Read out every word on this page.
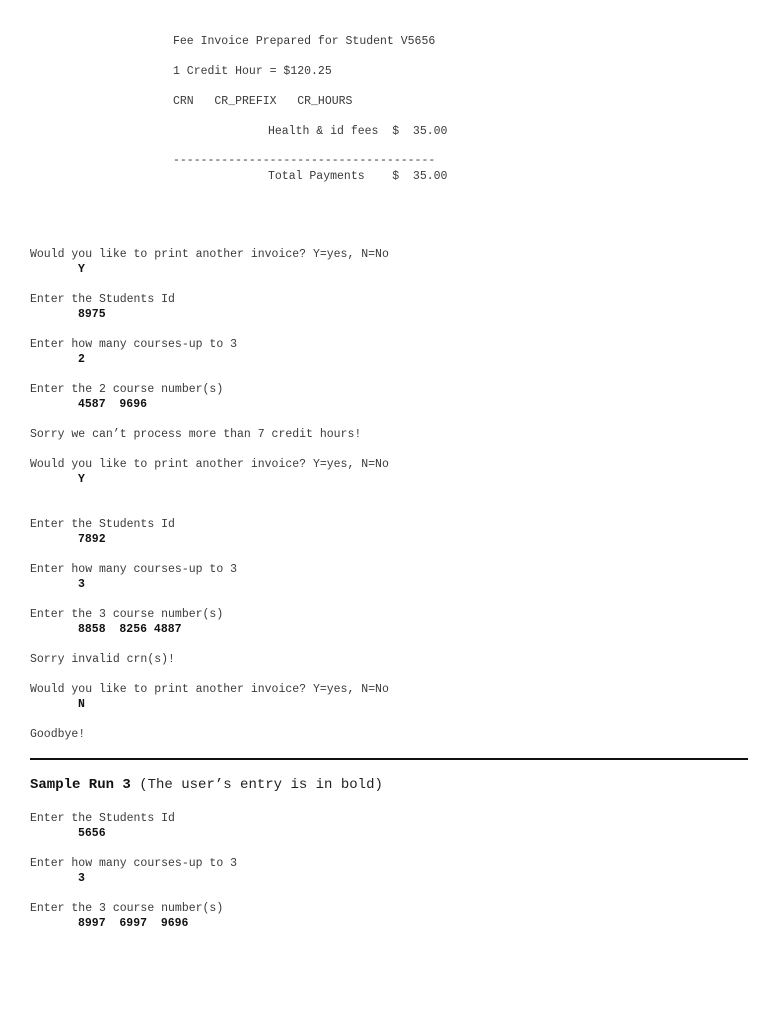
Fee Invoice Prepared for Student V5656
1 Credit Hour = $120.25
CRN   CR_PREFIX   CR_HOURS
Health & id fees  $  35.00
--------------------------------------
Total Payments    $  35.00
Would you like to print another invoice? Y=yes, N=No
Y
Enter the Students Id
8975
Enter how many courses-up to 3
2
Enter the 2 course number(s)
4587  9696
Sorry we can’t process more than 7 credit hours!
Would you like to print another invoice? Y=yes, N=No
Y
Enter the Students Id
7892
Enter how many courses-up to 3
3
Enter the 3 course number(s)
8858  8256 4887
Sorry invalid crn(s)!
Would you like to print another invoice? Y=yes, N=No
N
Goodbye!
Sample Run 3 (The user’s entry is in bold)
Enter the Students Id
5656
Enter how many courses-up to 3
3
Enter the 3 course number(s)
8997  6997  9696
